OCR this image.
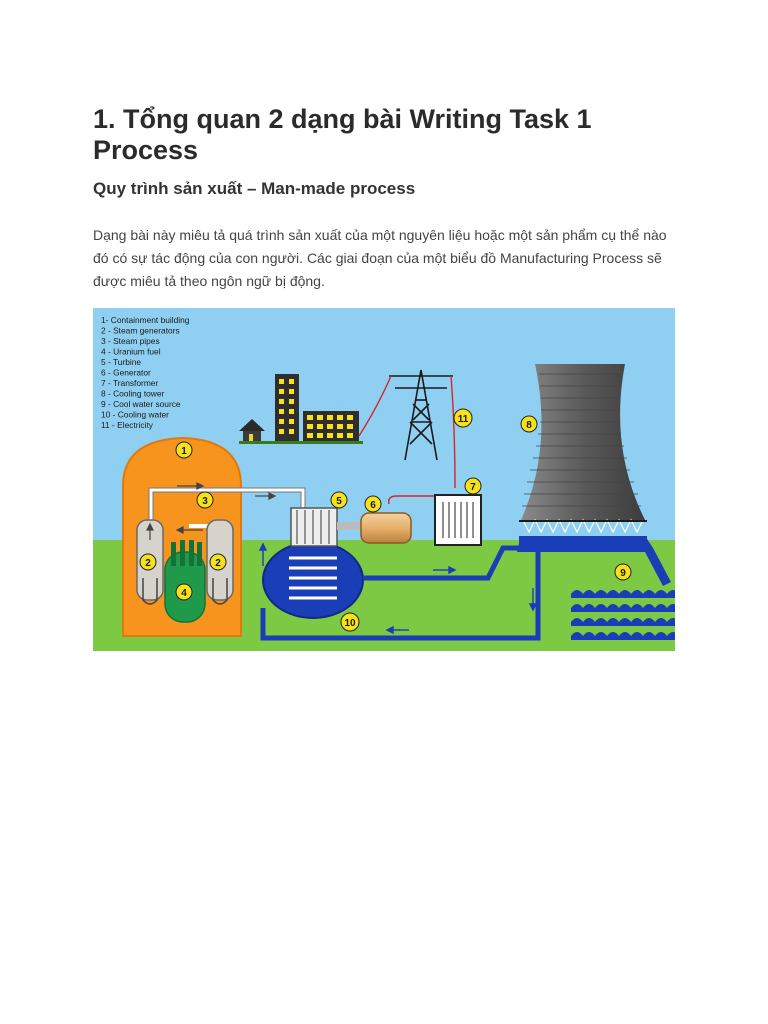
1. Tổng quan 2 dạng bài Writing Task 1 Process
Quy trình sản xuất – Man-made process

Dạng bài này miêu tả quá trình sản xuất của một nguyên liệu hoặc một sản phẩm cụ thể nào đó có sự tác động của con người. Các giai đoạn của một biểu đồ Manufacturing Process sẽ được miêu tả theo ngôn ngữ bị động.

1- Containment building
2 - Steam generators
3 - Steam pipes
4 - Uranium fuel
5 - Turbine
6 - Generator
7 - Transformer
8 - Cooling tower
9 - Cool water source
10 - Cooling water
11 - Electricity
1
2	2
3
4
5	6
7
8
9
10
11
